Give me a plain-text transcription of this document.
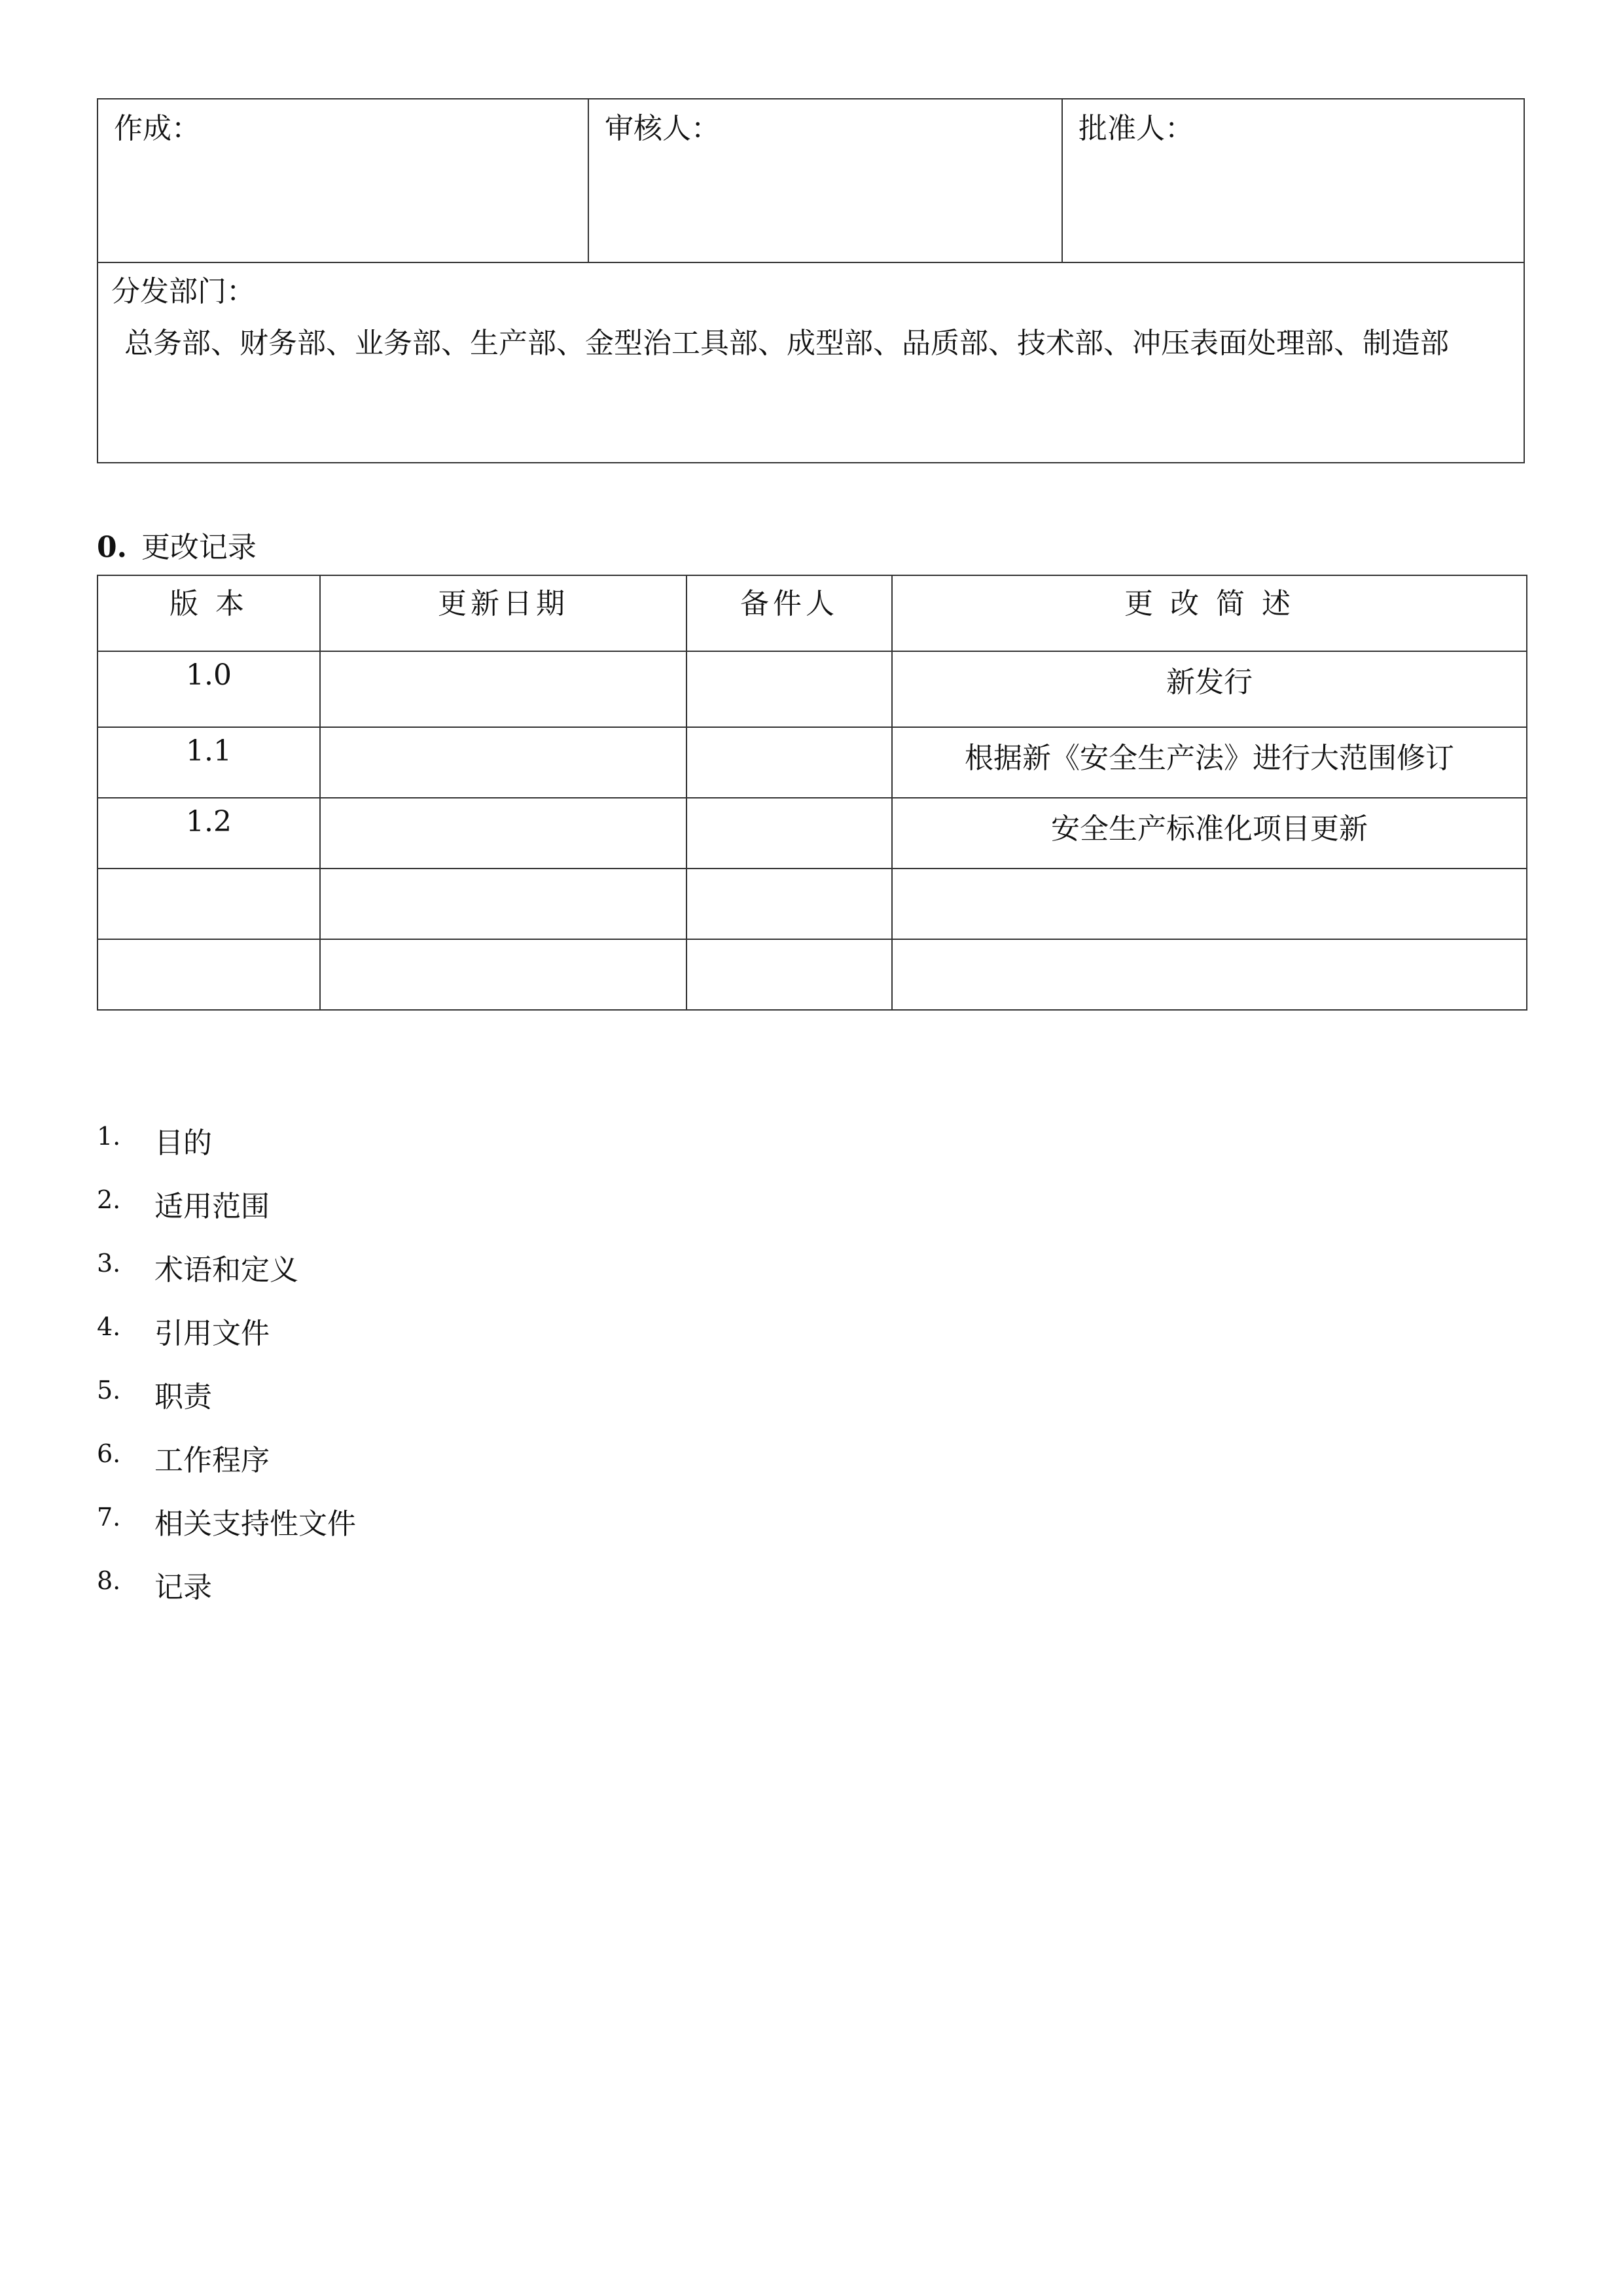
作成：	审核人：	批准人：

分发部门：
总务部、财务部、业务部、生产部、金型治工具部、成型部、品质部、技术部、冲压表面处理部、制造部
0. 更改记录
版 本	更新日期	备件人	更 改 简 述
1.0			新发行
1.1			根据新《安全生产法》进行大范围修订
1.2			安全生产标准化项目更新

1.	目的
2.	适用范围
3.	术语和定义
4.	引用文件
5.	职责
6.	工作程序
7.	相关支持性文件
8.	记录
